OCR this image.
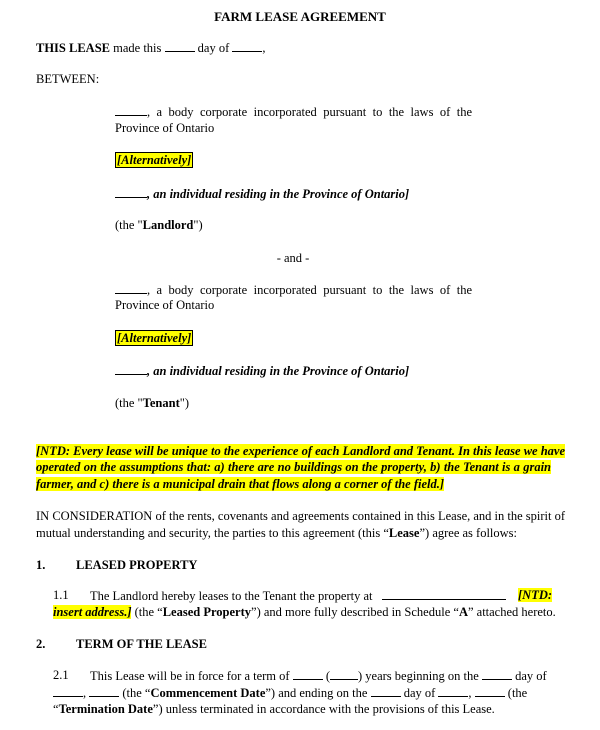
FARM LEASE AGREEMENT
THIS LEASE made this  day of ,
BETWEEN:
, a body corporate incorporated pursuant to the laws of the
Province of Ontario
[Alternatively]
, an individual residing in the Province of Ontario]
(the "Landlord")
- and -
, a body corporate incorporated pursuant to the laws of the
Province of Ontario
[Alternatively]
, an individual residing in the Province of Ontario]
(the "Tenant")
[NTD: Every lease will be unique to the experience of each Landlord and Tenant. In this lease we have
operated on the assumptions that: a) there are no buildings on the property, b) the Tenant is a grain
farmer, and c) there is a municipal drain that flows along a corner of the field.]
IN CONSIDERATION of the rents, covenants and agreements contained in this Lease, and in the spirit of
mutual understanding and security, the parties to this agreement (this “Lease”) agree as follows:
1. LEASED PROPERTY
1.1 The Landlord hereby leases to the Tenant the property at	[NTD:
insert address.] (the “Leased Property”) and more fully described in Schedule “A” attached hereto.
2. TERM OF THE LEASE
2.1 This Lease will be in force for a term of	( ) years beginning on the	day of
,	(the “Commencement Date”) and ending on the	day of	,	(the
“Termination Date”) unless terminated in accordance with the provisions of this Lease.
